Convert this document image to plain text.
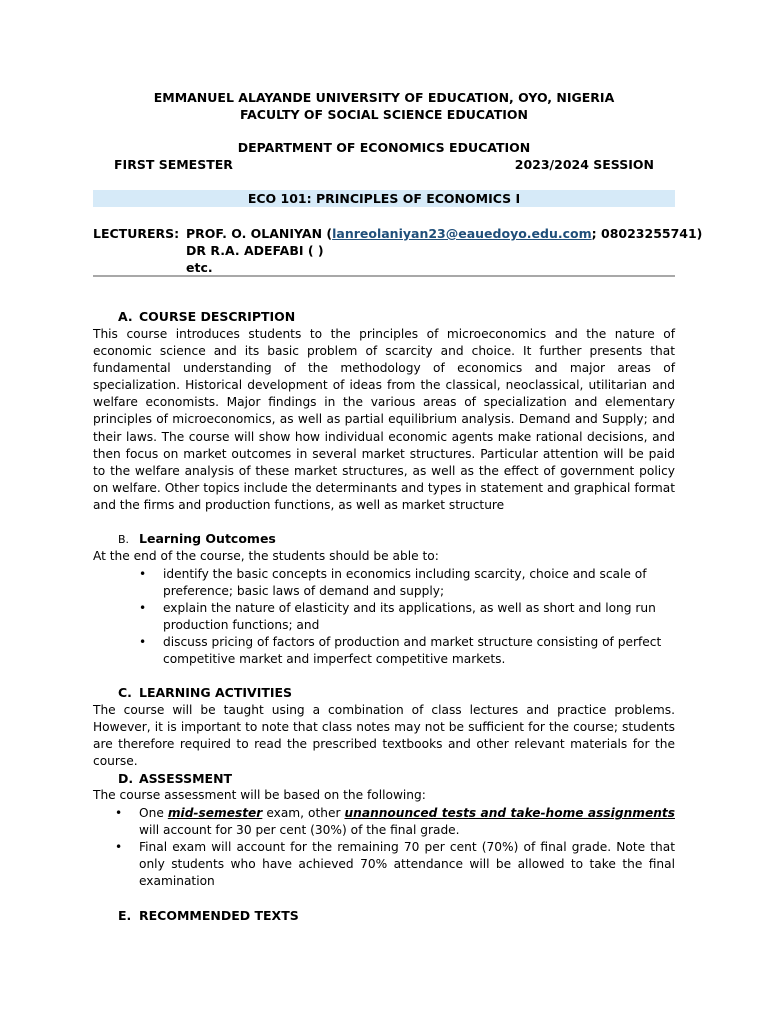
EMMANUEL ALAYANDE UNIVERSITY OF EDUCATION, OYO, NIGERIA
FACULTY OF SOCIAL SCIENCE EDUCATION
DEPARTMENT OF ECONOMICS EDUCATION
FIRST SEMESTER	2023/2024 SESSION
ECO 101: PRINCIPLES OF ECONOMICS I
LECTURERS: PROF. O. OLANIYAN (lanreolaniyan23@eauedoyo.edu.com; 08023255741)
DR R.A. ADEFABI ( )
etc.
A. COURSE DESCRIPTION
This course introduces students to the principles of microeconomics and the nature of economic science and its basic problem of scarcity and choice. It further presents that fundamental understanding of the methodology of economics and major areas of specialization. Historical development of ideas from the classical, neoclassical, utilitarian and welfare economists. Major findings in the various areas of specialization and elementary principles of microeconomics, as well as partial equilibrium analysis. Demand and Supply; and their laws. The course will show how individual economic agents make rational decisions, and then focus on market outcomes in several market structures. Particular attention will be paid to the welfare analysis of these market structures, as well as the effect of government policy on welfare. Other topics include the determinants and types in statement and graphical format and the firms and production functions, as well as market structure
B. Learning Outcomes
At the end of the course, the students should be able to:
• identify the basic concepts in economics including scarcity, choice and scale of preference; basic laws of demand and supply;
• explain the nature of elasticity and its applications, as well as short and long run production functions; and
• discuss pricing of factors of production and market structure consisting of perfect competitive market and imperfect competitive markets.
C. LEARNING ACTIVITIES
The course will be taught using a combination of class lectures and practice problems. However, it is important to note that class notes may not be sufficient for the course; students are therefore required to read the prescribed textbooks and other relevant materials for the course.
D. ASSESSMENT
The course assessment will be based on the following:
• One mid-semester exam, other unannounced tests and take-home assignments will account for 30 per cent (30%) of the final grade.
• Final exam will account for the remaining 70 per cent (70%) of final grade. Note that only students who have achieved 70% attendance will be allowed to take the final examination
E. RECOMMENDED TEXTS
